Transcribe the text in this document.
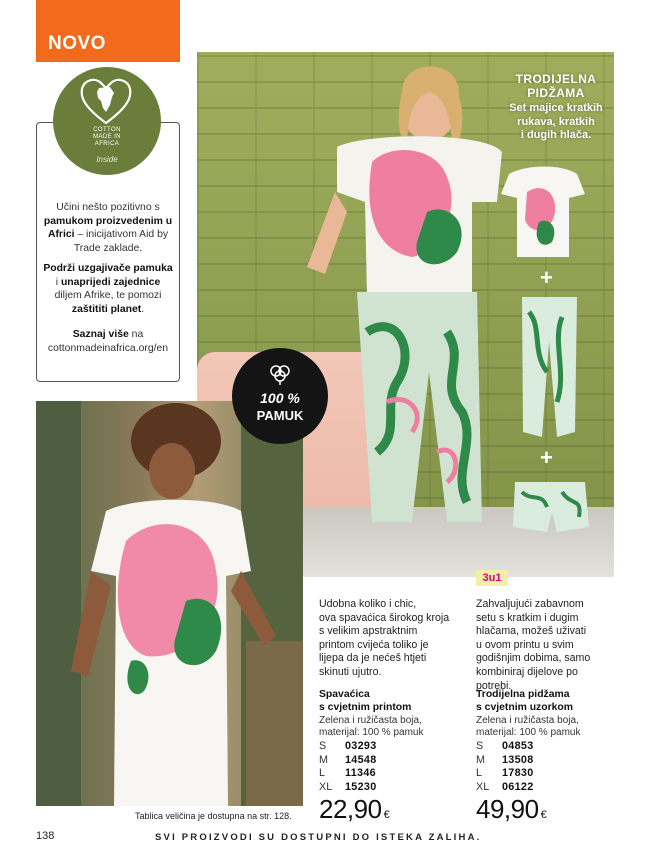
NOVO

Učini nešto pozitivno s pamukom proizvedenim u Africi – inicijativom Aid by Trade zaklade.

Podrži uzgajivače pamuka i unaprijedi zajednice diljem Afrike, te pomozi zaštititi planet.

Saznaj više na cottonmadeinafrica.org/en

COTTON
MADE IN
AFRICA
Inside
+
+
TRODIJELNA
PIDŽAMA
Set majice kratkih
rukava, kratkih
i dugih hlača.
100 %
PAMUK
Udobna koliko i chic,
ova spavaćica širokog kroja
s velikim apstraktnim
printom cvijeća toliko je
lijepa da je nećeš htjeti
skinuti ujutro.
Spavaćica
s cvjetnim printom
Zelena i ružičasta boja,
materijal: 100 % pamuk
S	03293
M	14548
L	11346
XL	15230
22,90 €
3u1
Zahvaljujući zabavnom
setu s kratkim i dugim
hlačama, možeš uživati
u ovom printu u svim
godišnjim dobima, samo
kombiniraj dijelove po
potrebi.
Trodijelna pidžama
s cvjetnim uzorkom
Zelena i ružičasta boja,
materijal: 100 % pamuk
S	04853
M	13508
L	17830
XL	06122
49,90 €
Tablica veličina je dostupna na str. 128.
138	SVI PROIZVODI SU DOSTUPNI DO ISTEKA ZALIHA.
